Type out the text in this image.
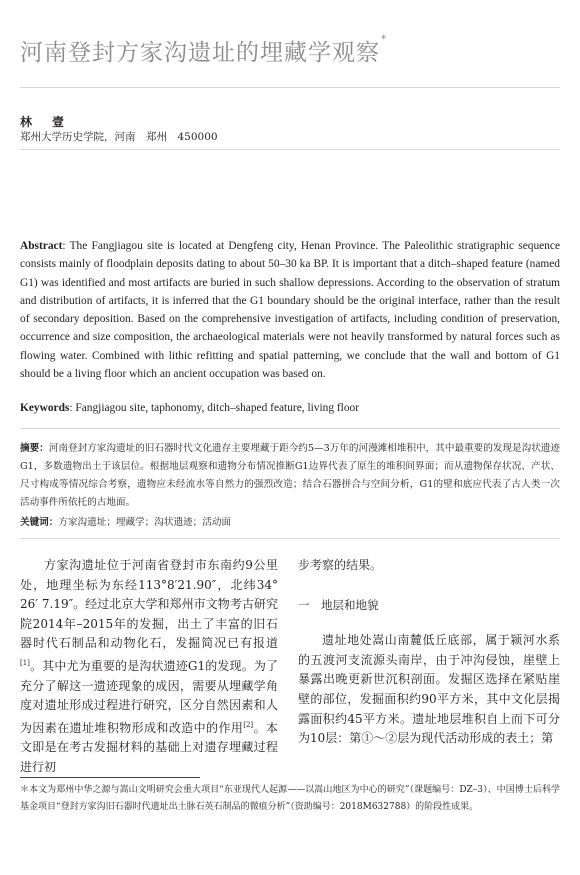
河南登封方家沟遗址的埋藏学观察*
林　壹
郑州大学历史学院，河南　郑州　450000
Abstract: The Fangjiagou site is located at Dengfeng city, Henan Province. The Paleolithic stratigraphic sequence consists mainly of floodplain deposits dating to about 50–30 ka BP. It is important that a ditch–shaped feature (named G1) was identified and most artifacts are buried in such shallow depressions. According to the observation of stratum and distribution of artifacts, it is inferred that the G1 boundary should be the original interface, rather than the result of secondary deposition. Based on the comprehensive investigation of artifacts, including condition of preservation, occurrence and size composition, the archaeological materials were not heavily transformed by natural forces such as flowing water. Combined with lithic refitting and spatial patterning, we conclude that the wall and bottom of G1 should be a living floor which an ancient occupation was based on.
Keywords: Fangjiagou site, taphonomy, ditch–shaped feature, living floor
摘要：河南登封方家沟遗址的旧石器时代文化遗存主要埋藏于距今约5—3万年的河漫滩相堆积中，其中最重要的发现是沟状遗迹G1，多数遗物出土于该层位。根据地层观察和遗物分布情况推断G1边界代表了原生的堆积间界面；而从遗物保存状况、产状、尺寸构成等情况综合考察，遗物应未经流水等自然力的强烈改造；结合石器拼合与空间分析，G1的壁和底应代表了古人类一次活动事件所依托的古地面。
关键词：方家沟遗址；埋藏学；沟状遗迹；活动面
方家沟遗址位于河南省登封市东南约9公里处，地理坐标为东经113°8′21.90″，北纬34° 26′ 7.19″。经过北京大学和郑州市文物考古研究院2014年–2015年的发掘，出土了丰富的旧石器时代石制品和动物化石，发掘简况已有报道[1]。其中尤为重要的是沟状遗迹G1的发现。为了充分了解这一遗迹现象的成因，需要从埋藏学角度对遗址形成过程进行研究，区分自然因素和人为因素在遗址堆积物形成和改造中的作用[2]。本文即是在考古发掘材料的基础上对遗存埋藏过程进行初
步考察的结果。
一　地层和地貌
遗址地处嵩山南麓低丘底部，属于颍河水系的五渡河支流源头南岸，由于冲沟侵蚀，崖壁上暴露出晚更新世沉积剖面。发掘区选择在紧贴崖壁的部位，发掘面积约90平方米，其中文化层揭露面积约45平方米。遗址地层堆积自上而下可分为10层：第①～②层为现代活动形成的表土；第
＊本文为郑州中华之源与嵩山文明研究会重大项目“东亚现代人起源——以嵩山地区为中心的研究”（课题编号：DZ–3）、中国博士后科学基金项目“登封方家沟旧石器时代遗址出土脉石英石制品的微痕分析”（资助编号：2018M632788）的阶段性成果。
